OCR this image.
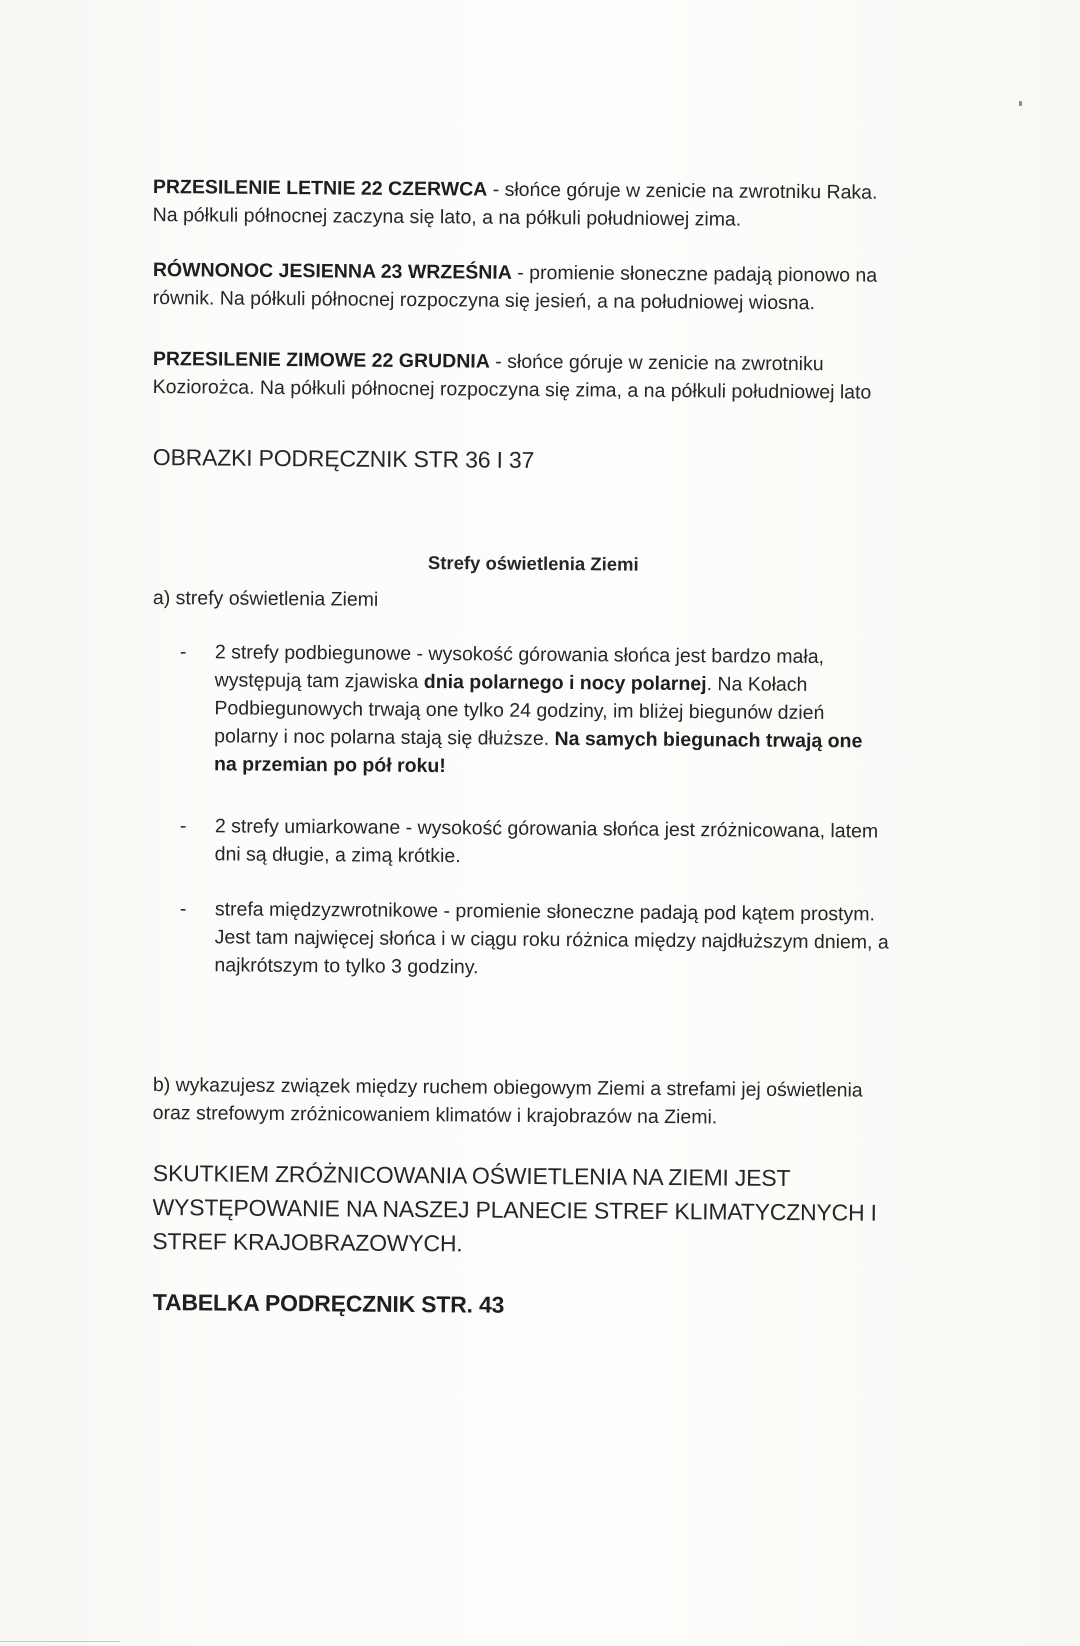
PRZESILENIE LETNIE 22 CZERWCA - słońce góruje w zenicie na zwrotniku Raka.

Na półkuli północnej zaczyna się lato, a na półkuli południowej zima.

RÓWNONOC JESIENNA 23 WRZEŚNIA - promienie słoneczne padają pionowo na

równik. Na półkuli północnej rozpoczyna się jesień, a na południowej wiosna.

PRZESILENIE ZIMOWE 22 GRUDNIA - słońce góruje w zenicie na zwrotniku

Koziorożca. Na półkuli północnej rozpoczyna się zima, a na półkuli południowej lato

OBRAZKI PODRĘCZNIK STR 36 I 37

Strefy oświetlenia Ziemi

a) strefy oświetlenia Ziemi

- 2 strefy podbiegunowe - wysokość górowania słońca jest bardzo mała,
występują tam zjawiska dnia polarnego i nocy polarnej. Na Kołach
Podbiegunowych trwają one tylko 24 godziny, im bliżej biegunów dzień
polarny i noc polarna stają się dłuższe. Na samych biegunach trwają one
na przemian po pół roku!
- 2 strefy umiarkowane - wysokość górowania słońca jest zróżnicowana, latem
dni są długie, a zimą krótkie.
- strefa międzyzwrotnikowe - promienie słoneczne padają pod kątem prostym.
Jest tam najwięcej słońca i w ciągu roku różnica między najdłuższym dniem, a
najkrótszym to tylko 3 godziny.

b) wykazujesz związek między ruchem obiegowym Ziemi a strefami jej oświetlenia

oraz strefowym zróżnicowaniem klimatów i krajobrazów na Ziemi.

SKUTKIEM ZRÓŻNICOWANIA OŚWIETLENIA NA ZIEMI JEST

WYSTĘPOWANIE NA NASZEJ PLANECIE STREF KLIMATYCZNYCH I

STREF KRAJOBRAZOWYCH.

TABELKA PODRĘCZNIK STR. 43
